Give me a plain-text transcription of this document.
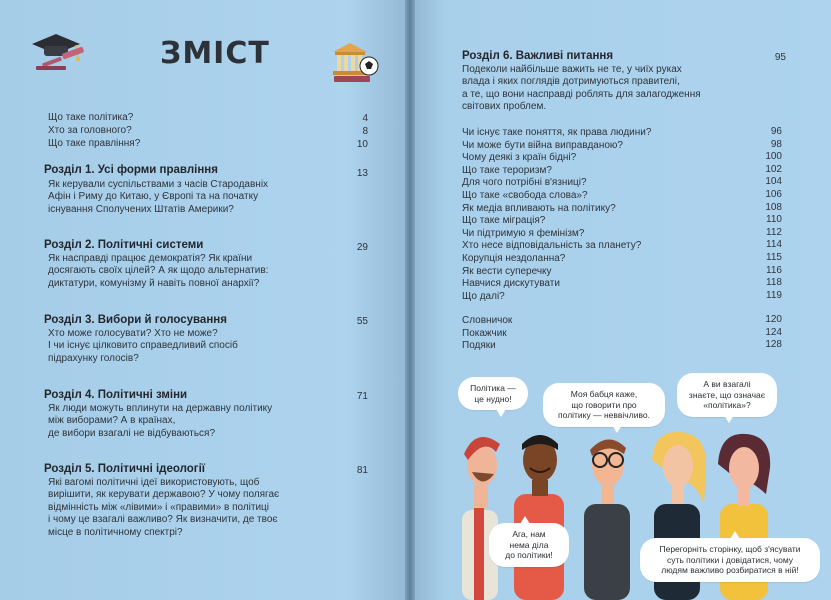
ЗМІСТ
Що таке політика?	4
Хто за головного?	8
Що таке правління?	10
Розділ 1. Усі форми правління	13
Як керували суспільствами з часів Стародавніх
Афін і Риму до Китаю, у Європі та на початку
існування Сполучених Штатів Америки?
Розділ 2. Політичні системи	29
Як насправді працює демократія? Як країни
досягають своїх цілей? А як щодо альтернатив:
диктатури, комунізму й навіть повної анархії?
Розділ 3. Вибори й голосування	55
Хто може голосувати? Хто не може?
І чи існує цілковито справедливий спосіб
підрахунку голосів?
Розділ 4. Політичні зміни	71
Як люди можуть вплинути на державну політику
між виборами? А в країнах,
де вибори взагалі не відбуваються?
Розділ 5. Політичні ідеології	81
Які вагомі політичні ідеї використовують, щоб
вирішити, як керувати державою? У чому полягає
відмінність між «лівими» і «правими» в політиці
і чому це взагалі важливо? Як визначити, де твоє
місце в політичному спектрі?
Розділ 6. Важливі питання	95
Подеколи найбільше важить не те, у чиїх руках
влада і яких поглядів дотримуються правителі,
а те, що вони насправді роблять для залагодження
світових проблем.
Чи існує таке поняття, як права людини?	96
Чи може бути війна виправданою?	98
Чому деякі з країн бідні?	100
Що таке тероризм?	102
Для чого потрібні в'язниці?	104
Що таке «свобода слова»?	106
Як медіа впливають на політику?	108
Що таке міграція?	110
Чи підтримую я фемінізм?	112
Хто несе відповідальність за планету?	114
Корупція нездоланна?	115
Як вести суперечку	116
Навчися дискутувати	118
Що далі?	119
Словничок	120
Покажчик	124
Подяки	128
Політика —
це нудно!	Моя бабця каже,
що говорити про
політику — неввічливо.
А ви взагалі
знаєте, що означає
«політика»?
Ага, нам
нема діла
до політики!
Перегорніть сторінку, щоб з'ясувати
суть політики і довідатися, чому
людям важливо розбиратися в ній!
